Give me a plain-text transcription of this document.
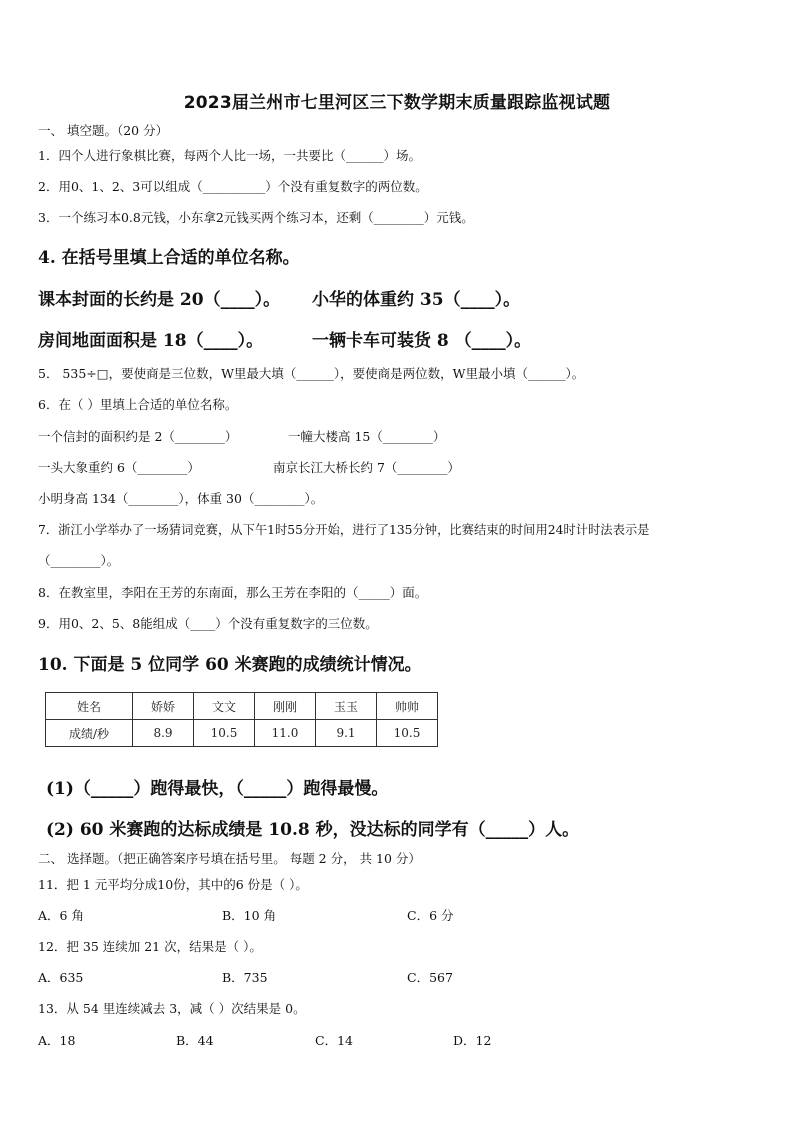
2023届兰州市七里河区三下数学期末质量跟踪监视试题
一、 填空题。（20 分）
1．四个人进行象棋比赛，每两个人比一场，一共要比（______）场。
2．用0、1、2、3可以组成（__________）个没有重复数字的两位数。
3．一个练习本0.8元钱，小东拿2元钱买两个练习本，还剩（________）元钱。
4. 在括号里填上合适的单位名称。
课本封面的长约是 20（____）。 小华的体重约 35（____）。
房间地面面积是 18（____）。	一辆卡车可装货 8 （____）。
5． 535÷□，要使商是三位数，W里最大填（______），要使商是两位数，W里最小填（______）。
6．在（ ）里填上合适的单位名称。
一个信封的面积约是 2（________）	一幢大楼高 15（________）
一头大象重约 6（________）	南京长江大桥长约 7（________）
小明身高 134（________），体重 30（________）。
7．浙江小学举办了一场猜词竞赛，从下午1时55分开始，进行了135分钟，比赛结束的时间用24时计时法表示是
（________）。
8．在教室里，李阳在王芳的东南面，那么王芳在李阳的（_____）面。
9．用0、2、5、8能组成（____）个没有重复数字的三位数。
10. 下面是 5 位同学 60 米赛跑的成绩统计情况。
姓名	娇娇	文文	刚刚	玉玉	帅帅
成绩/秒	8.9	10.5	11.0	9.1	10.5
(1)（_____）跑得最快，（_____）跑得最慢。
(2) 60 米赛跑的达标成绩是 10.8 秒，没达标的同学有（_____）人。
二、 选择题。（把正确答案序号填在括号里。 每题 2 分， 共 10 分）
11．把 1 元平均分成10份，其中的6 份是（ ）。
A．6 角	B．10 角	C．6 分
12．把 35 连续加 21 次，结果是（ ）。
A．635	B．735	C．567
13．从 54 里连续减去 3，减（ ）次结果是 0。
A．18	B．44	C．14	D．12
